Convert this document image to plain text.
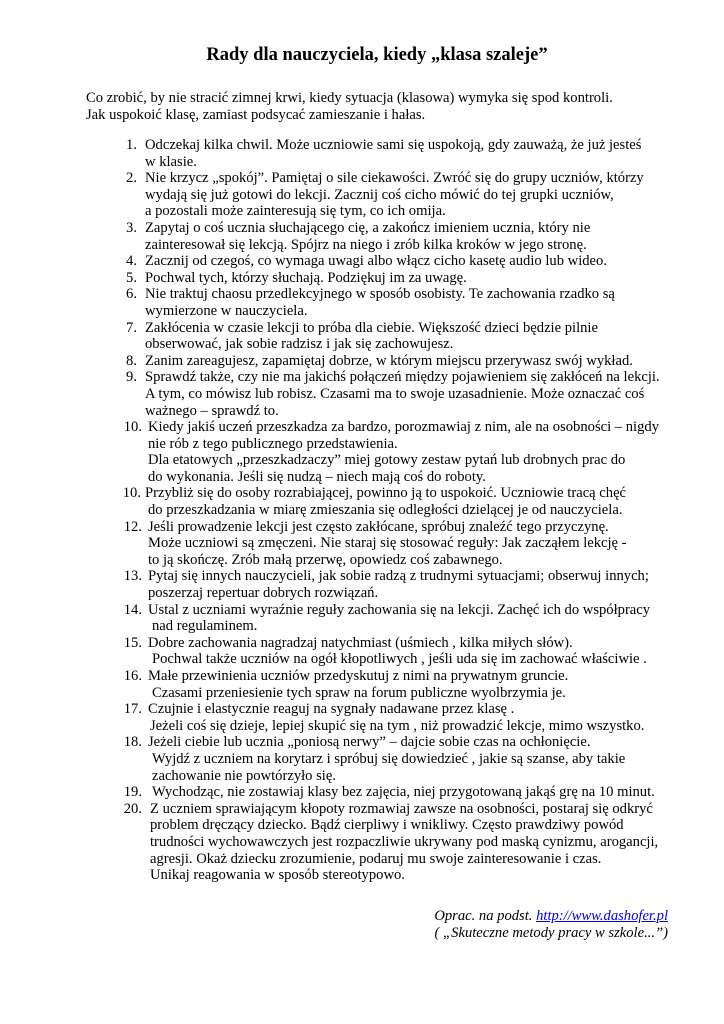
Rady dla nauczyciela, kiedy „klasa szaleje”
Co zrobić, by nie stracić zimnej krwi, kiedy sytuacja (klasowa) wymyka się spod kontroli.
Jak uspokoić klasę, zamiast podsycać zamieszanie i hałas.
1. Odczekaj kilka chwil. Może uczniowie sami się uspokoją, gdy zauważą, że już jesteś
w klasie.
2. Nie krzycz „spokój”. Pamiętaj o sile ciekawości. Zwróć się do grupy uczniów, którzy
wydają się już gotowi do lekcji. Zacznij coś cicho mówić do tej grupki uczniów,
a pozostali może zainteresują się tym, co ich omija.
3. Zapytaj o coś ucznia słuchającego cię, a zakończ imieniem ucznia, który nie
zainteresował się lekcją. Spójrz na niego i zrób kilka kroków w jego stronę.
4. Zacznij od czegoś, co wymaga uwagi albo włącz cicho kasetę audio lub wideo.
5. Pochwal tych, którzy słuchają. Podziękuj im za uwagę.
6. Nie traktuj chaosu przedlekcyjnego w sposób osobisty. Te zachowania rzadko są
wymierzone w nauczyciela.
7. Zakłócenia w czasie lekcji to próba dla ciebie. Większość dzieci będzie pilnie
obserwować, jak sobie radzisz i jak się zachowujesz.
8. Zanim zareagujesz, zapamiętaj dobrze, w którym miejscu przerywasz swój wykład.
9. Sprawdź także, czy nie ma jakichś połączeń między pojawieniem się zakłóceń na lekcji.
A tym, co mówisz lub robisz. Czasami ma to swoje uzasadnienie. Może oznaczać coś
ważnego – sprawdź to.
10. Kiedy jakiś uczeń przeszkadza za bardzo, porozmawiaj z nim, ale na osobności – nigdy
nie rób z tego publicznego przedstawienia.
Dla etatowych „przeszkadzaczy” miej gotowy zestaw pytań lub drobnych prac do
do wykonania. Jeśli się nudzą – niech mają coś do roboty.
10. Przybliż się do osoby rozrabiającej, powinno ją to uspokoić. Uczniowie tracą chęć
do przeszkadzania w miarę zmieszania się odległości dzielącej je od nauczyciela.
12. Jeśli prowadzenie lekcji jest często zakłócane, spróbuj znaleźć tego przyczynę.
Może uczniowi są zmęczeni. Nie staraj się stosować reguły: Jak zacząłem lekcję -
to ją skończę. Zrób małą przerwę, opowiedz coś zabawnego.
13. Pytaj się innych nauczycieli, jak sobie radzą z trudnymi sytuacjami; obserwuj innych;
poszerzaj repertuar dobrych rozwiązań.
14. Ustal z uczniami wyraźnie reguły zachowania się na lekcji. Zachęć ich do współpracy
nad regulaminem.
15. Dobre zachowania nagradzaj natychmiast (uśmiech , kilka miłych słów).
Pochwal także uczniów na ogół kłopotliwych , jeśli uda się im zachować właściwie .
16. Małe przewinienia uczniów przedyskutuj z nimi na prywatnym gruncie.
Czasami przeniesienie tych spraw na forum publiczne wyolbrzymia je.
17. Czujnie i elastycznie reaguj na sygnały nadawane przez klasę .
Jeżeli coś się dzieje, lepiej skupić się na tym , niż prowadzić lekcje, mimo wszystko.
18. Jeżeli ciebie lub ucznia „poniosą nerwy” – dajcie sobie czas na ochłonięcie.
Wyjdź z uczniem na korytarz i spróbuj się dowiedzieć , jakie są szanse, aby takie
zachowanie nie powtórzyło się.
19. Wychodząc, nie zostawiaj klasy bez zajęcia, niej przygotowaną jakąś grę na 10 minut.
20. Z uczniem sprawiającym kłopoty rozmawiaj zawsze na osobności, postaraj się odkryć
problem dręczący dziecko. Bądź cierpliwy i wnikliwy. Często prawdziwy powód
trudności wychowawczych jest rozpaczliwie ukrywany pod maską cynizmu, arogancji,
agresji. Okaż dziecku zrozumienie, podaruj mu swoje zainteresowanie i czas.
Unikaj reagowania w sposób stereotypowo.
Oprac. na podst. http://www.dashofer.pl
( „Skuteczne metody pracy w szkole...”)
